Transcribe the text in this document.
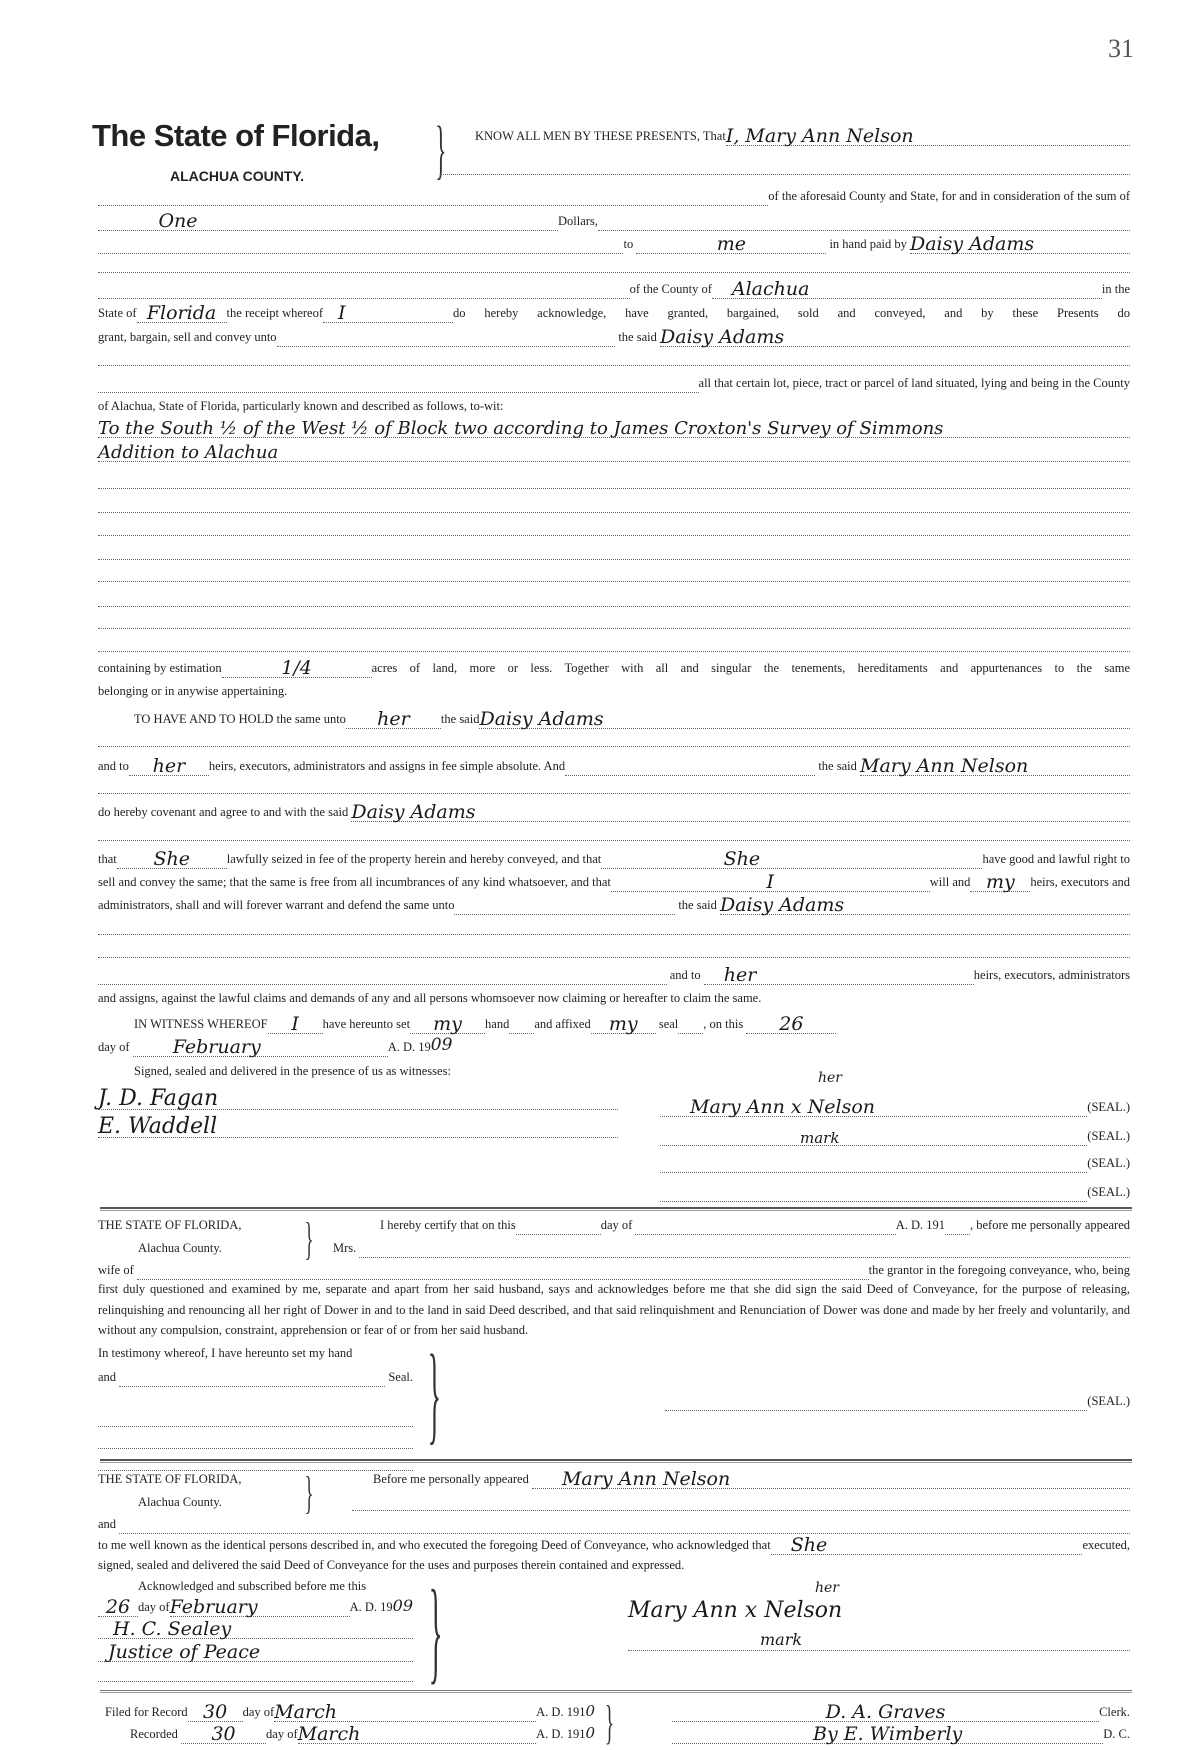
31
The State of Florida,
ALACHUA COUNTY. } KNOW ALL MEN BY THESE PRESENTS, That I, Mary Ann Nelson
of the aforesaid County and State, for and in consideration of the sum of
One	Dollars,
to
	me
	in hand paid by
Daisy Adams
of the County of Alachua	in the
State of Florida the receipt whereof I	do hereby acknowledge, have granted, bargained, sold and conveyed, and by these Presents do
grant, bargain, sell and convey unto
	the said
Daisy Adams
all that certain lot, piece, tract or parcel of land situated, lying and being in the County
of Alachua, State of Florida, particularly known and described as follows, to-wit:
To the South ½ of the West ½ of Block two according to James Croxton's Survey of Simmons
Addition to Alachua
containing by estimation	1/4	acres of land, more or less. Together with all and singular the tenements, hereditaments and appurtenances to the same
belonging or in anywise appertaining.
TO HAVE AND TO HOLD the same unto	her	the said Daisy Adams
and to	her	heirs, executors, administrators and assigns in fee simple absolute. And
	the said
Mary Ann Nelson
do hereby covenant and agree to and with the said
Daisy Adams
that	She	lawfully seized in fee of the property herein and hereby conveyed, and that	She	have good and lawful right to
sell and convey the same; that the same is free from all incumbrances of any kind whatsoever, and that	I	will and my	heirs, executors and
administrators, shall and will forever warrant and defend the same unto
	the said
Daisy Adams

and to
her	heirs, executors, administrators
and assigns, against the lawful claims and demands of any and all persons whomsoever now claiming or hereafter to claim the same.
IN WITNESS WHEREOF	I	have hereunto set	my	hand and affixed my
	seal , on this
	26
day of
February	A. D. 19 09
Signed, sealed and delivered in the presence of us as witnesses:
J. D. Fagan
E. Waddell
Mary Ann x Nelson	(SEAL.)
her
mark	(SEAL.)
(SEAL.)
(SEAL.)
THE STATE OF FLORIDA,
Alachua County. }	I hereby certify that on this	day of
	A. D. 191 , before me personally appeared
Mrs.

wife of
	the grantor in the foregoing conveyance, who, being
first duly questioned and examined by me, separate and apart from her said husband, says and acknowledges before me that she did sign the said Deed of Conveyance, for the purpose of releasing, relinquishing and renouncing all her right of Dower in and to the land in said Deed described, and that said relinquishment and Renunciation of Dower was done and made by her freely and voluntarily, and without any compulsion, constraint, apprehension or fear of or from her said husband.
In testimony whereof, I have hereunto set my hand
and

	Seal. }	(SEAL.)
THE STATE OF FLORIDA,
Alachua County. }	Before me personally appeared
Mary Ann Nelson
and

to me well known as the identical persons described in, and who executed the foregoing Deed of Conveyance, who acknowledged that She	executed,
signed, sealed and delivered the said Deed of Conveyance for the uses and purposes therein contained and expressed.
Acknowledged and subscribed before me this
26 day of February	A. D. 19 09
H. C. Sealey
Justice of Peace	}	her
Mary Ann x Nelson
mark
Filed for Record 30	day of March	A. D. 191 0
Recorded
	30	day of March	A. D. 191 0 }	D. A. Graves	Clerk.
By E. Wimberly	D. C.
